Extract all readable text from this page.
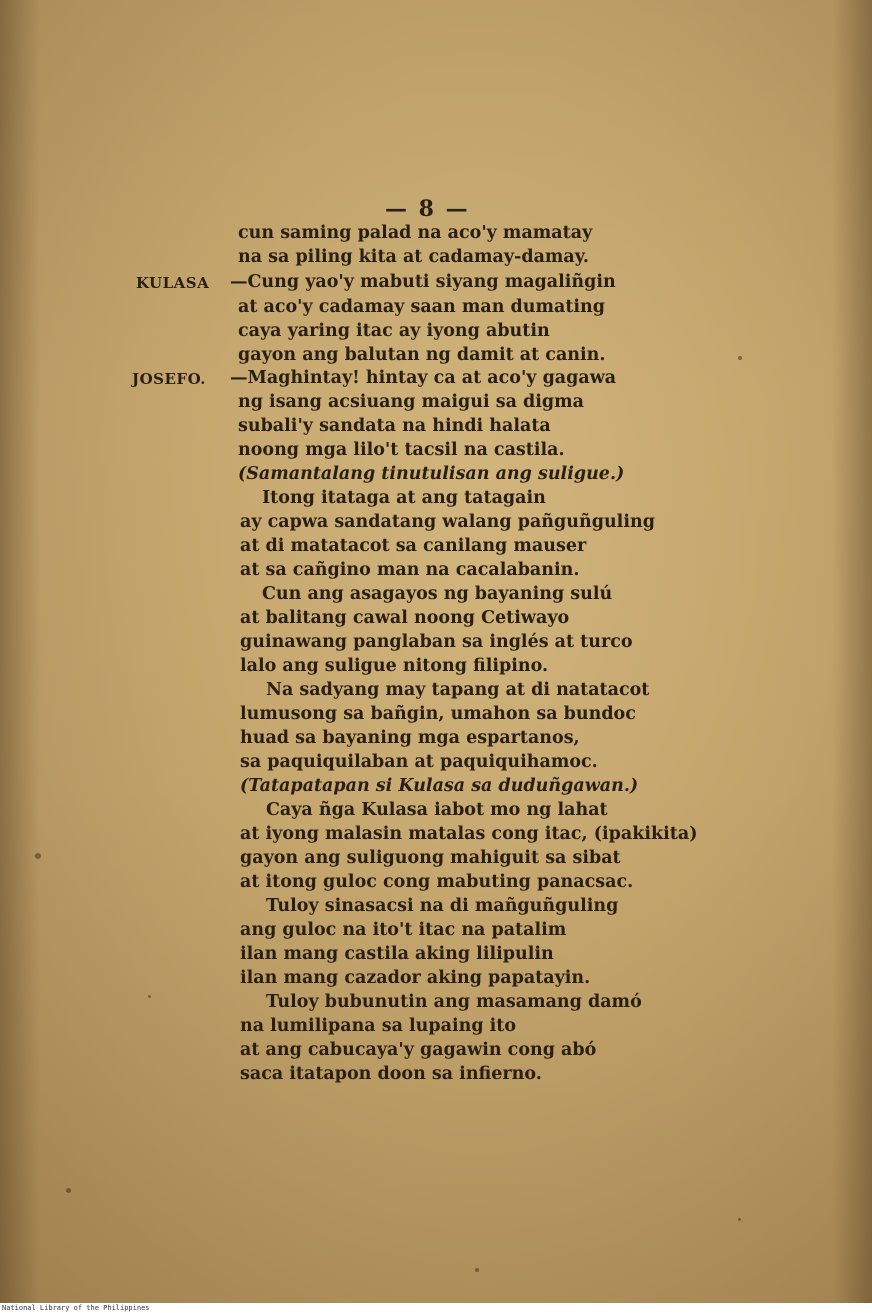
— 8 —
cun saming palad na aco'y mamatay
na sa piling kita at cadamay-damay.
KULASA —Cung yao'y mabuti siyang magaliñgin
at aco'y cadamay saan man dumating
caya yaring itac ay iyong abutin
gayon ang balutan ng damit at canin.
JOSEFO. —Maghintay! hintay ca at aco'y gagawa
ng isang acsiuang maigui sa digma
subali'y sandata na hindi halata
noong mga lilo't tacsil na castila.
(Samantalang tinutulisan ang suligue.)
Itong itataga at ang tatagain
ay capwa sandatang walang pañguñguling
at di matatacot sa canilang mauser
at sa cañgino man na cacalabanin.
Cun ang asagayos ng bayaning sulú
at balitang cawal noong Cetiwayo
guinawang panglaban sa inglés at turco
lalo ang suligue nitong filipino.
Na sadyang may tapang at di natatacot
lumusong sa bañgin, umahon sa bundoc
huad sa bayaning mga espartanos,
sa paquiquilaban at paquiquihamoc.
(Tatapatapan si Kulasa sa duduñgawan.)
Caya ñga Kulasa iabot mo ng lahat
at iyong malasin matalas cong itac, (ipakikita)
gayon ang suliguong mahiguit sa sibat
at itong guloc cong mabuting panacsac.
Tuloy sinasacsi na di mañguñguling
ang guloc na ito't itac na patalim
ilan mang castila aking lilipulin
ilan mang cazador aking papatayin.
Tuloy bubunutin ang masamang damó
na lumilipana sa lupaing ito
at ang cabucaya'y gagawin cong abó
saca itatapon doon sa infierno.
National Library of the Philippines
